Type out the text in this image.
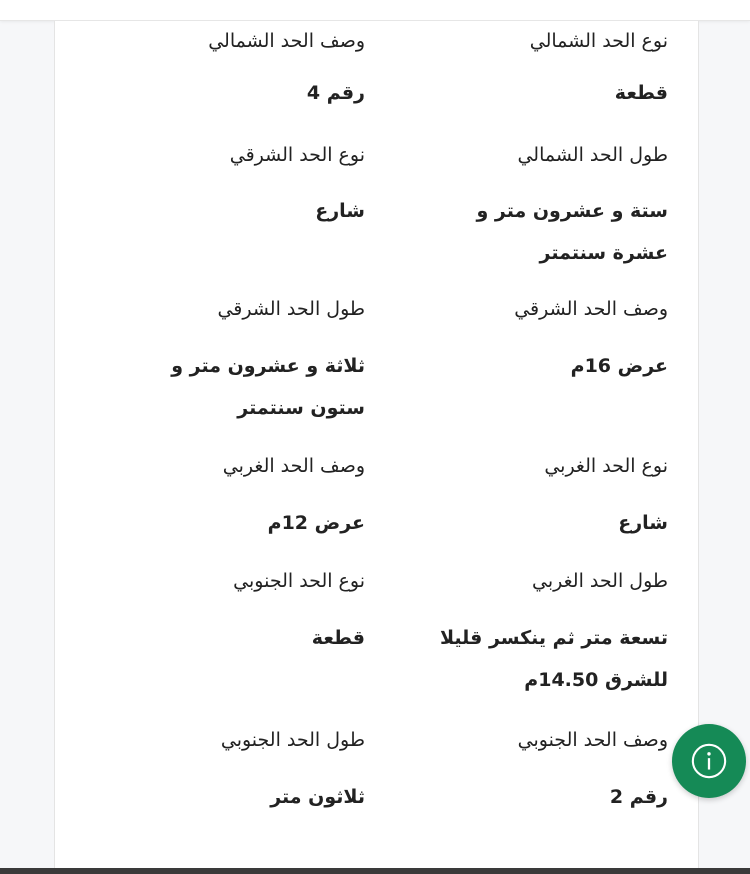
نوع الحد الشمالي
قطعة
وصف الحد الشمالي
رقم 4
طول الحد الشمالي
ستة و عشرون متر و عشرة سنتمتر
نوع الحد الشرقي
شارع
وصف الحد الشرقي
عرض 16م
طول الحد الشرقي
ثلاثة و عشرون متر و ستون سنتمتر
نوع الحد الغربي
شارع
وصف الحد الغربي
عرض 12م
طول الحد الغربي
تسعة متر ثم ينكسر قليلا للشرق 14.50م
نوع الحد الجنوبي
قطعة
وصف الحد الجنوبي
رقم 2
طول الحد الجنوبي
ثلاثون متر
